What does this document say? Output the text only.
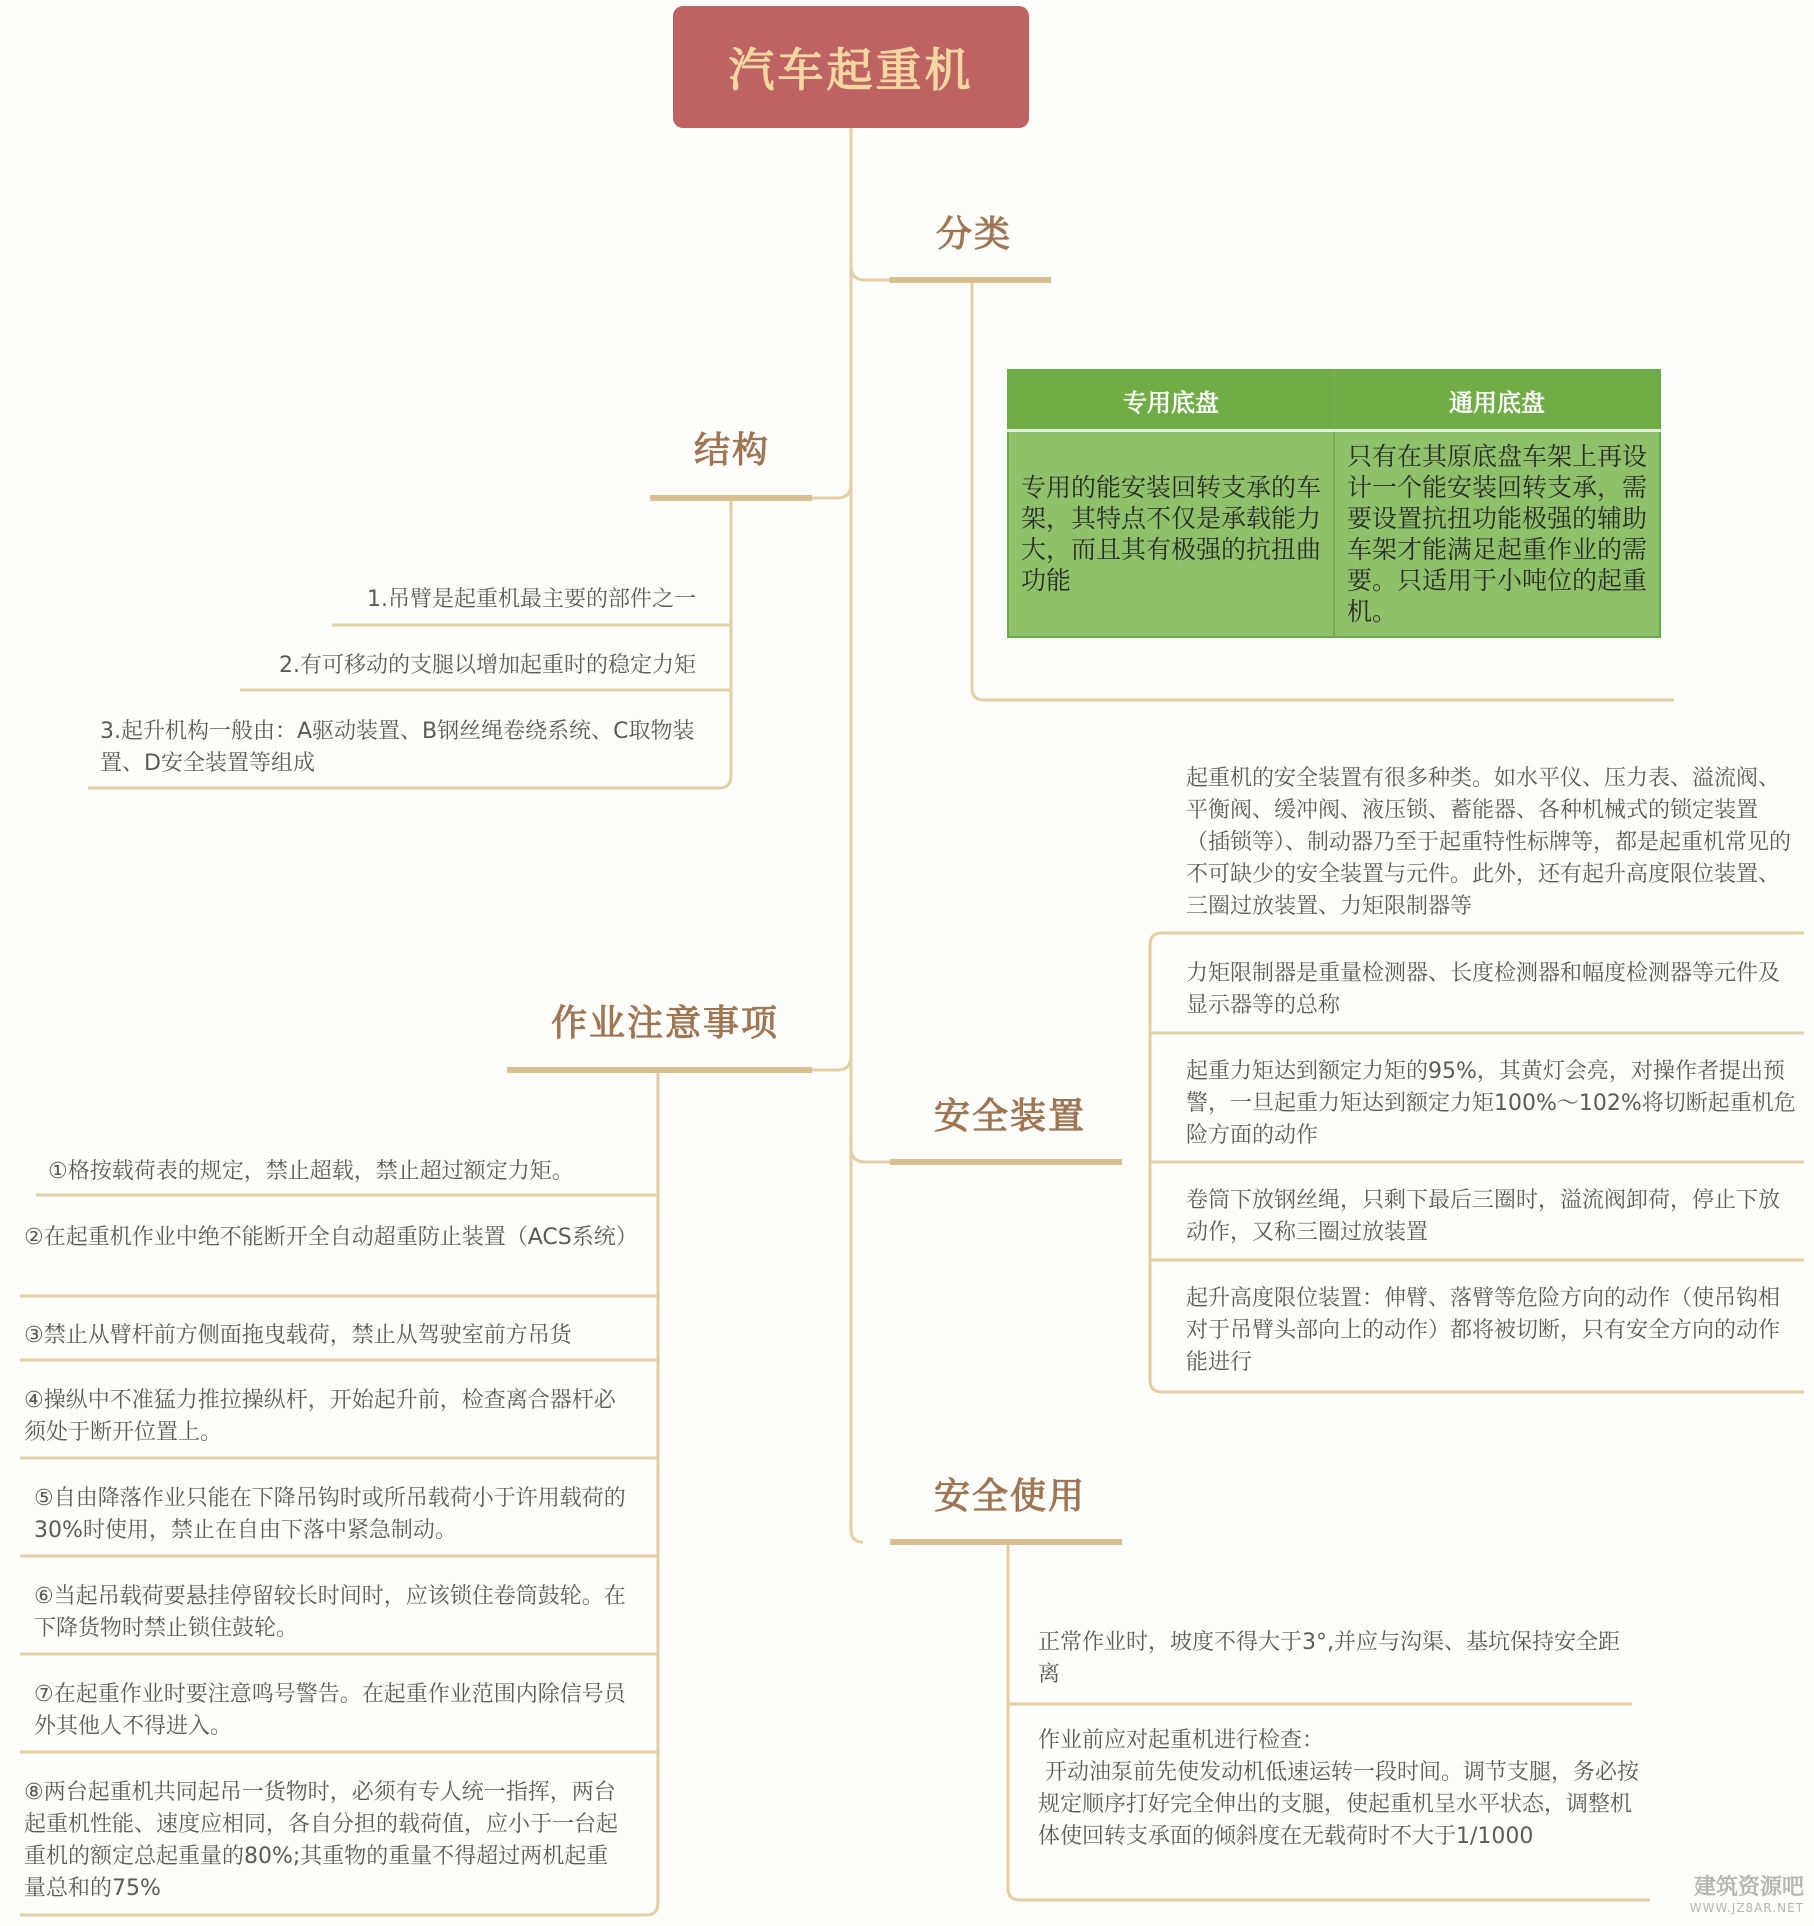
汽车起重机
分类
专用底盘	通用底盘
专用的能安装回转支承的车架，其特点不仅是承载能力大，而且其有极强的抗扭曲功能	只有在其原底盘车架上再设计一个能安装回转支承，需要设置抗扭功能极强的辅助车架才能满足起重作业的需要。只适用于小吨位的起重机。
结构
1.吊臂是起重机最主要的部件之一
2.有可移动的支腿以增加起重时的稳定力矩
3.起升机构一般由：A驱动装置、B钢丝绳卷绕系统、C取物装置、D安全装置等组成
作业注意事项
①格按载荷表的规定，禁止超载，禁止超过额定力矩。
②在起重机作业中绝不能断开全自动超重防止装置（ACS系统）
③禁止从臂杆前方侧面拖曳载荷，禁止从驾驶室前方吊货
④操纵中不准猛力推拉操纵杆，开始起升前，检查离合器杆必须处于断开位置上。
⑤自由降落作业只能在下降吊钩时或所吊载荷小于许用载荷的30%时使用，禁止在自由下落中紧急制动。
⑥当起吊载荷要悬挂停留较长时间时，应该锁住卷筒鼓轮。在下降货物时禁止锁住鼓轮。
⑦在起重作业时要注意鸣号警告。在起重作业范围内除信号员外其他人不得进入。
⑧两台起重机共同起吊一货物时，必须有专人统一指挥，两台起重机性能、速度应相同，各自分担的载荷值，应小于一台起重机的额定总起重量的80%;其重物的重量不得超过两机起重量总和的75%
安全装置
起重机的安全装置有很多种类。如水平仪、压力表、溢流阀、平衡阀、缓冲阀、液压锁、蓄能器、各种机械式的锁定装置（插锁等）、制动器乃至于起重特性标牌等，都是起重机常见的不可缺少的安全装置与元件。此外，还有起升高度限位装置、三圈过放装置、力矩限制器等
力矩限制器是重量检测器、长度检测器和幅度检测器等元件及显示器等的总称
起重力矩达到额定力矩的95%，其黄灯会亮，对操作者提出预警，一旦起重力矩达到额定力矩100%～102%将切断起重机危险方面的动作
卷筒下放钢丝绳，只剩下最后三圈时，溢流阀卸荷，停止下放动作，又称三圈过放装置
起升高度限位装置：伸臂、落臂等危险方向的动作（使吊钩相对于吊臂头部向上的动作）都将被切断，只有安全方向的动作能进行
安全使用
正常作业时，坡度不得大于3°,并应与沟渠、基坑保持安全距离
作业前应对起重机进行检查：
开动油泵前先使发动机低速运转一段时间。调节支腿，务必按规定顺序打好完全伸出的支腿，使起重机呈水平状态，调整机体使回转支承面的倾斜度在无载荷时不大于1/1000
建筑资源吧
WWW.JZ8AR.NET
